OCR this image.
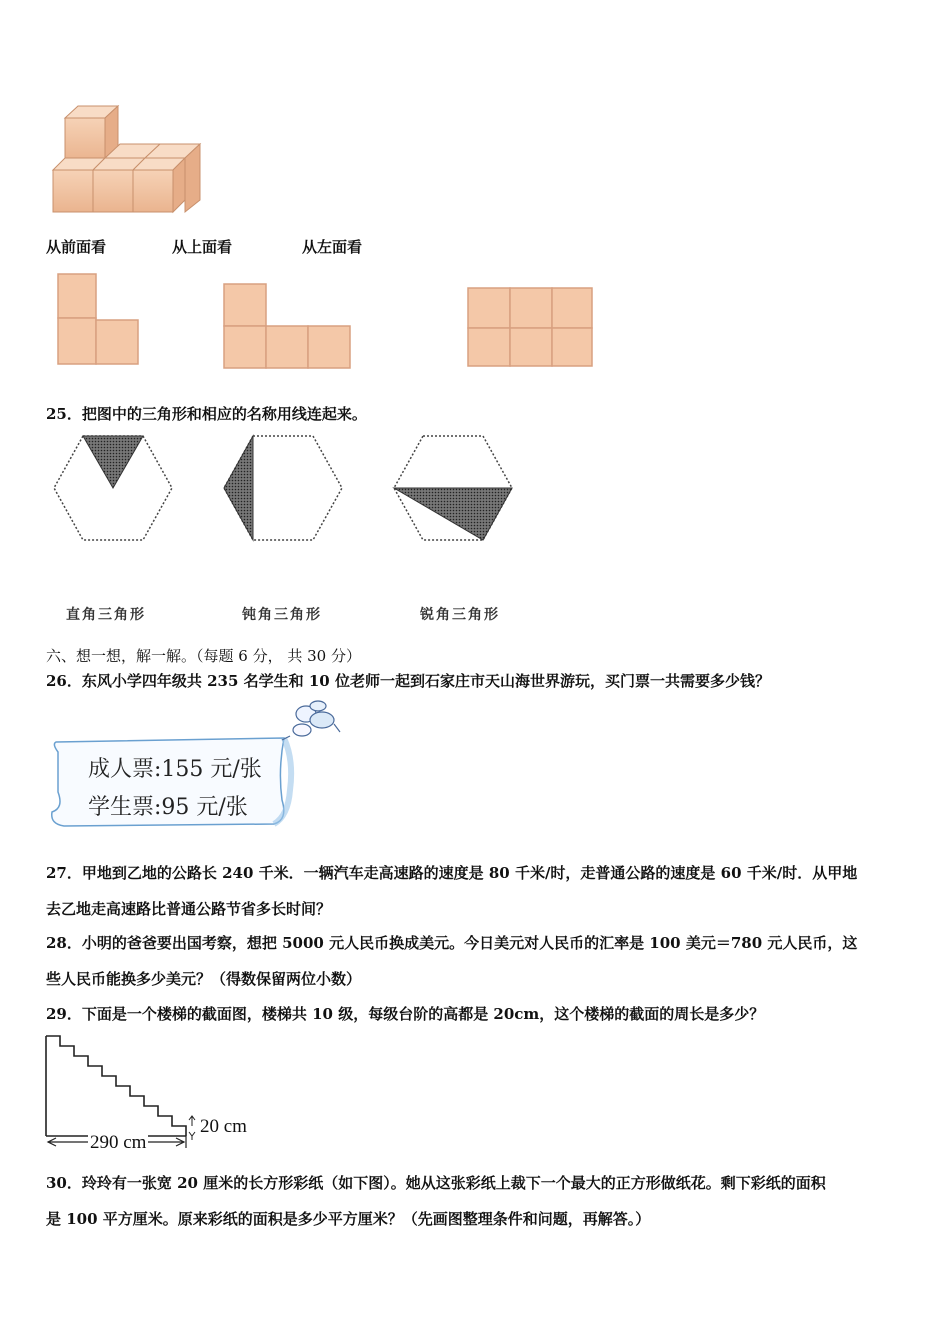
从前面看	从上面看	从左面看
25．把图中的三角形和相应的名称用线连起来。
直角三角形	钝角三角形	锐角三角形
六、想一想，解一解。（每题 6 分， 共 30 分）
26．东风小学四年级共 235 名学生和 10 位老师一起到石家庄市天山海世界游玩，买门票一共需要多少钱？
成人票:155 元/张
学生票:95 元/张
27．甲地到乙地的公路长 240 千米．一辆汽车走高速路的速度是 80 千米/时，走普通公路的速度是 60 千米/时．从甲地
去乙地走高速路比普通公路节省多长时间？
28．小明的爸爸要出国考察，想把 5000 元人民币换成美元。今日美元对人民币的汇率是 100 美元＝780 元人民币，这
些人民币能换多少美元？（得数保留两位小数）
29．下面是一个楼梯的截面图，楼梯共 10 级，每级台阶的高都是 20cm，这个楼梯的截面的周长是多少？
290 cm
20 cm
30．玲玲有一张宽 20 厘米的长方形彩纸（如下图）。她从这张彩纸上裁下一个最大的正方形做纸花。剩下彩纸的面积
是 100 平方厘米。原来彩纸的面积是多少平方厘米？（先画图整理条件和问题，再解答。）
